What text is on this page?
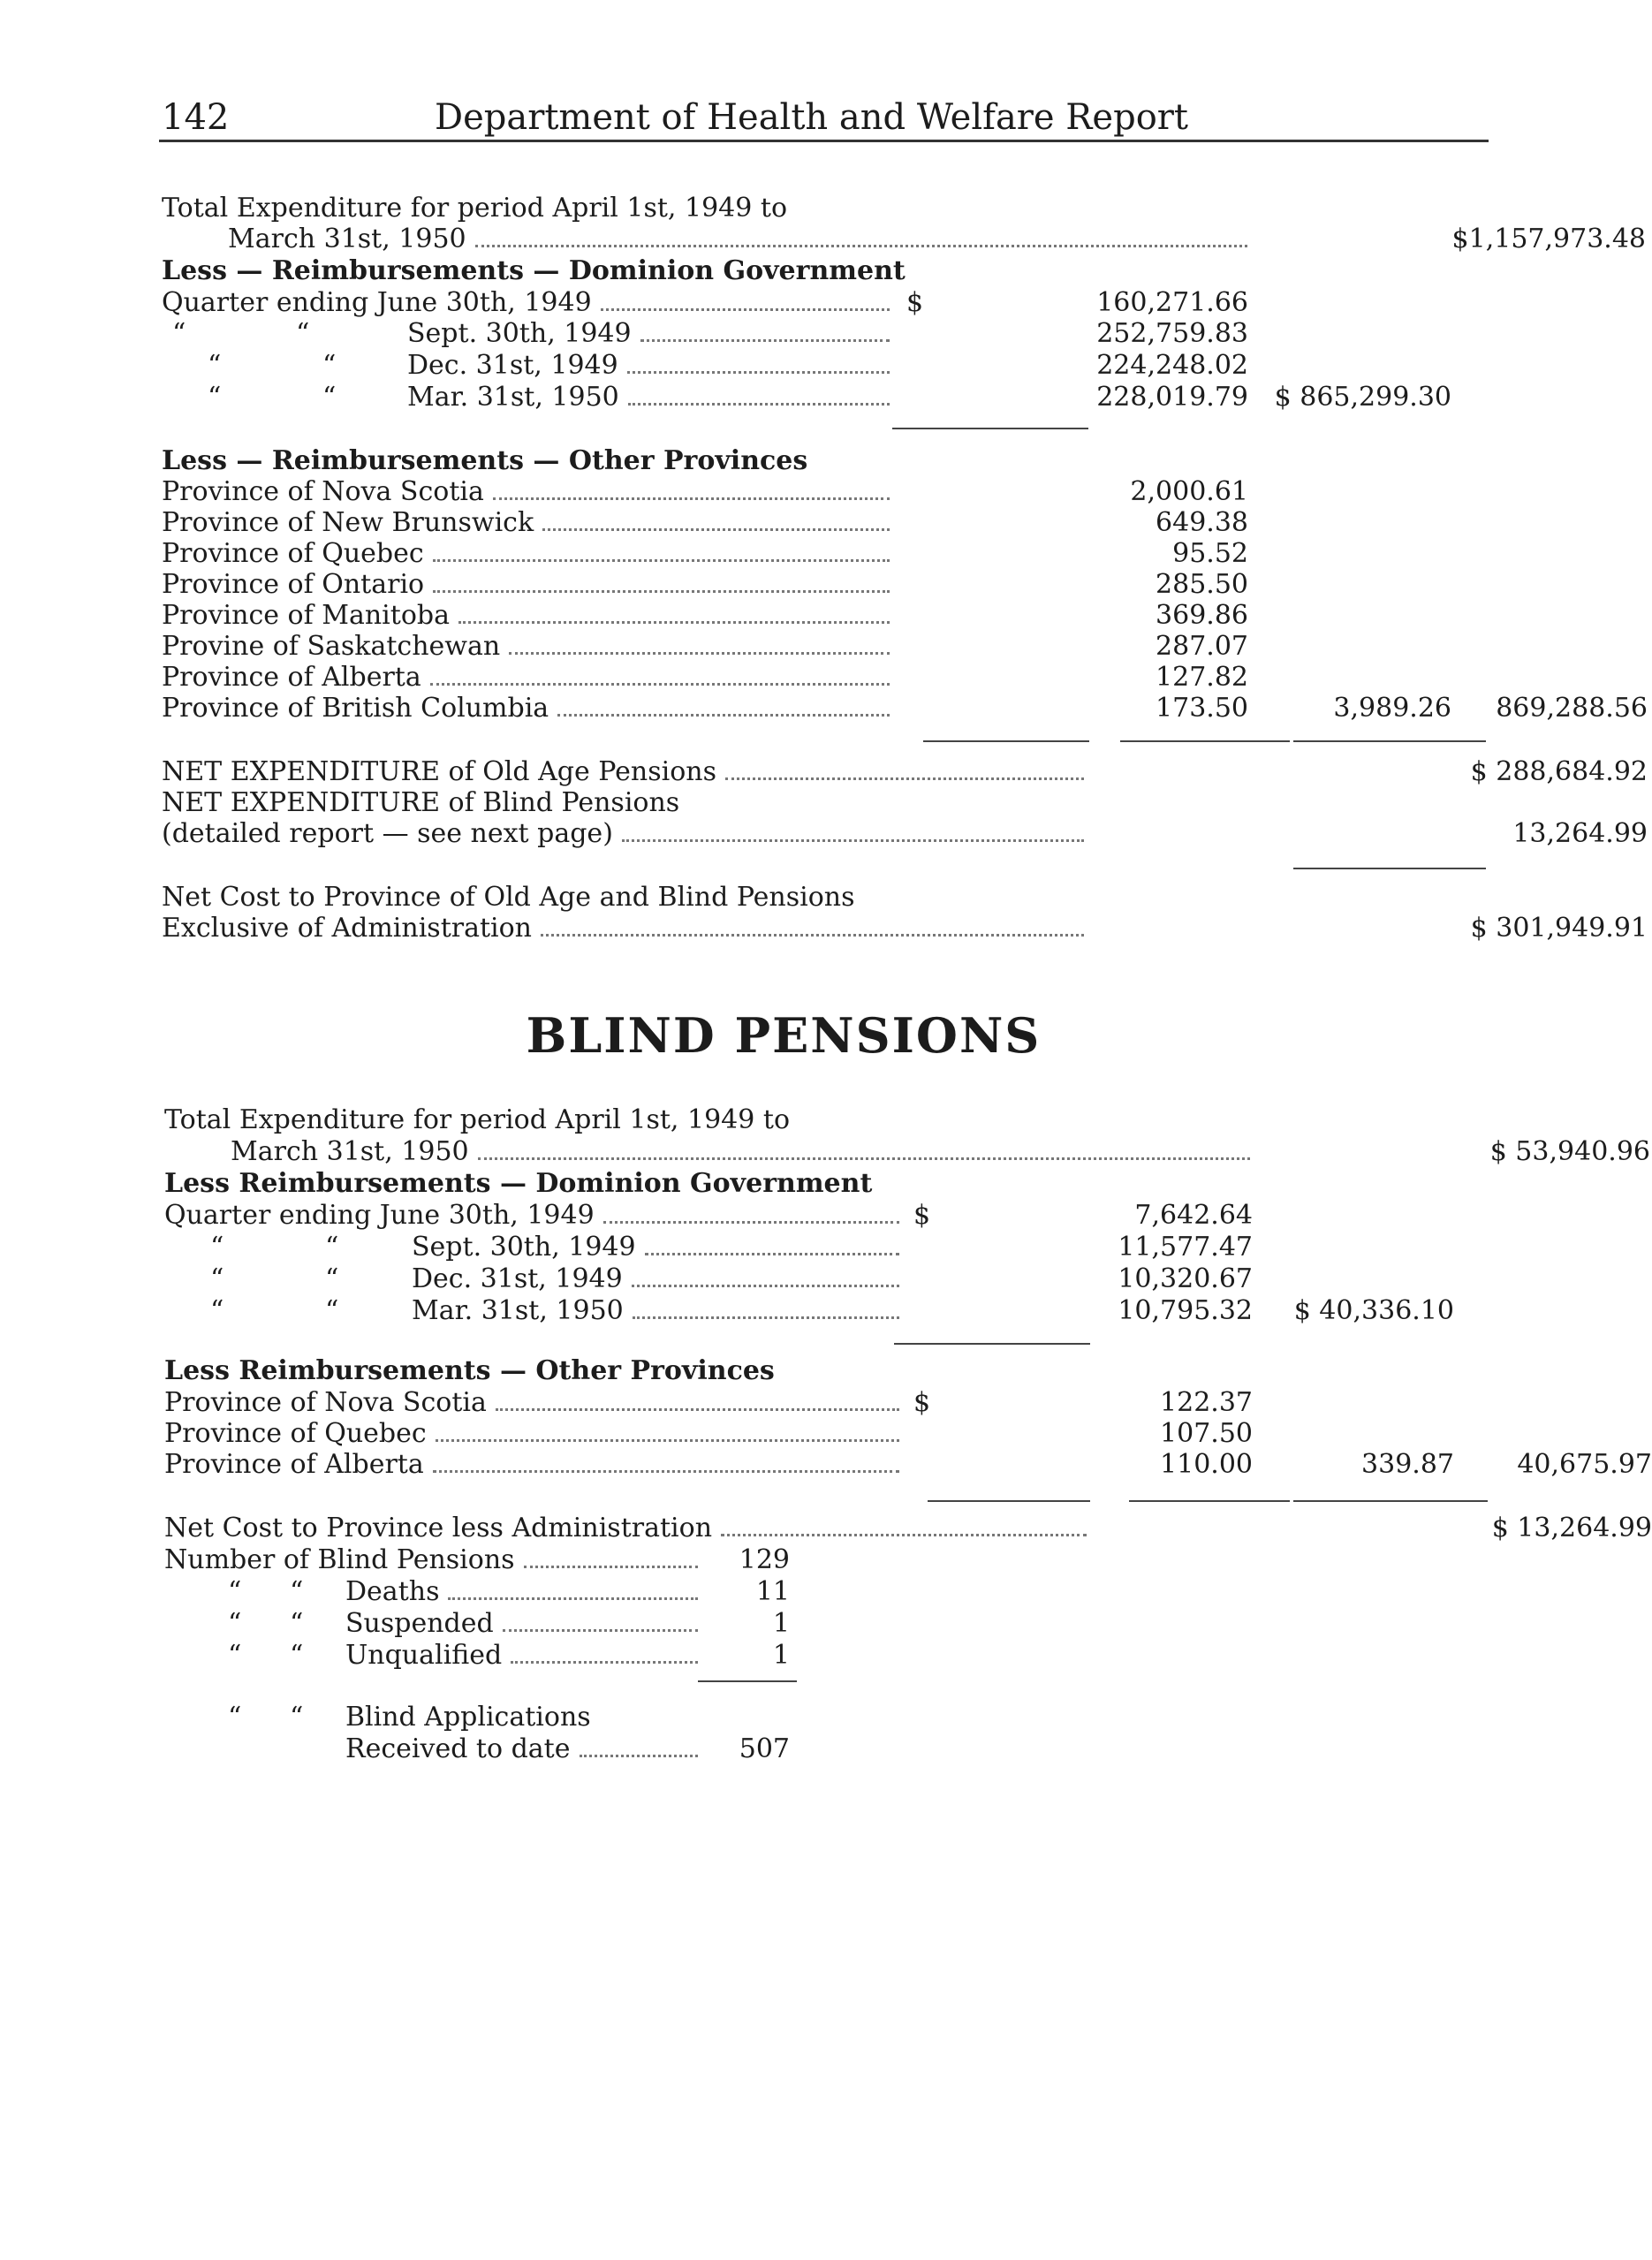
142	Department of Health and Welfare Report
Total Expenditure for period April 1st, 1949 to
March 31st, 1950	$1,157,973.48
Less — Reimbursements — Dominion Government
Quarter ending June 30th, 1949	$	160,271.66
“	“	Sept. 30th, 1949	252,759.83
“	“	Dec. 31st, 1949	224,248.02
“	“	Mar. 31st, 1950	228,019.79 $ 865,299.30
Less — Reimbursements — Other Provinces
Province of Nova Scotia	2,000.61
Province of New Brunswick	649.38
Province of Quebec	95.52
Province of Ontario	285.50
Province of Manitoba	369.86
Provine of Saskatchewan	287.07
Province of Alberta	127.82
Province of British Columbia	173.50	3,989.26	869,288.56
NET EXPENDITURE of Old Age Pensions	$ 288,684.92
NET EXPENDITURE of Blind Pensions
(detailed report — see next page)	13,264.99
Net Cost to Province of Old Age and Blind Pensions
Exclusive of Administration	$ 301,949.91
BLIND PENSIONS
Total Expenditure for period April 1st, 1949 to
March 31st, 1950	$ 53,940.96
Less Reimbursements — Dominion Government
Quarter ending June 30th, 1949	$	7,642.64
“	“	Sept. 30th, 1949	11,577.47
“	“	Dec. 31st, 1949	10,320.67
“	“	Mar. 31st, 1950	10,795.32	$ 40,336.10
Less Reimbursements — Other Provinces
Province of Nova Scotia	$	122.37
Province of Quebec	107.50
Province of Alberta	110.00	339.87	40,675.97
Net Cost to Province less Administration	$ 13,264.99
Number of Blind Pensions	129
“ “ Deaths	11
“ “ Suspended	1
“ “ Unqualified	1
“ “ Blind Applications
Received to date	507
